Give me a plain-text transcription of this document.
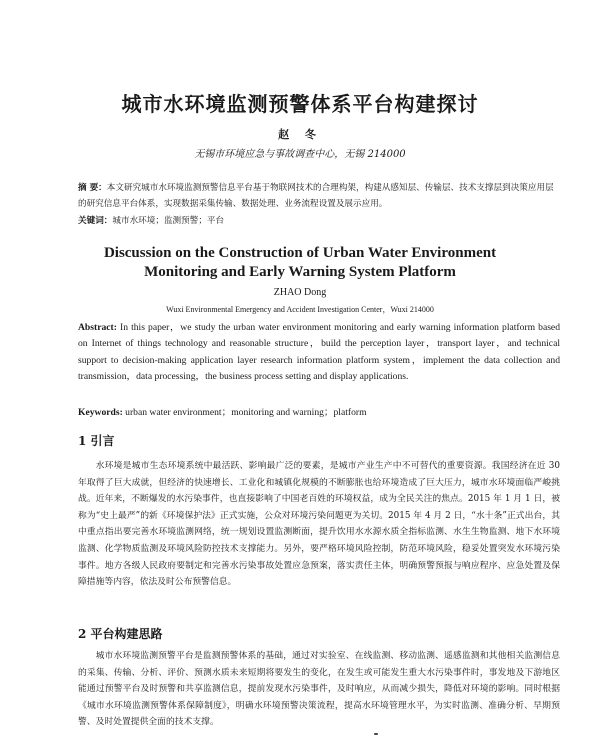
城市水环境监测预警体系平台构建探讨
赵 冬
无锡市环境应急与事故调查中心，无锡 214000
摘 要：本文研究城市水环境监测预警信息平台基于物联网技术的合理构架，构建从感知层、传输层、技术支撑层到决策应用层的研究信息平台体系，实现数据采集传输、数据处理、业务流程设置及展示应用。
关键词：城市水环境；监测预警；平台
Discussion on the Construction of Urban Water Environment
Monitoring and Early Warning System Platform
ZHAO Dong
Wuxi Environmental Emergency and Accident Investigation Center，Wuxi 214000
Abstract: In this paper，we study the urban water environment monitoring and early warning information platform based on Internet of things technology and reasonable structure，build the perception layer，transport layer，and technical support to decision-making application layer research information platform system，implement the data collection and transmission，data processing，the business process setting and display applications.
Keywords: urban water environment；monitoring and warning；platform
1 引言
水环境是城市生态环境系统中最活跃、影响最广泛的要素，是城市产业生产中不可替代的重要资源。我国经济在近 30 年取得了巨大成就，但经济的快速增长、工业化和城镇化规模的不断膨胀也给环境造成了巨大压力，城市水环境面临严峻挑战。近年来，不断爆发的水污染事件，也直接影响了中国老百姓的环境权益，成为全民关注的焦点。2015 年 1 月 1 日，被称为“史上最严”的新《环境保护法》正式实施，公众对环境污染问题更为关切。2015 年 4 月 2 日，“水十条”正式出台，其中重点指出要完善水环境监测网络，统一规划设置监测断面，提升饮用水水源水质全指标监测、水生生物监测、地下水环境监测、化学物质监测及环境风险防控技术支撑能力。另外，要严格环境风险控制，防范环境风险，稳妥处置突发水环境污染事件。地方各级人民政府要制定和完善水污染事故处置应急预案，落实责任主体，明确预警预报与响应程序、应急处置及保障措施等内容，依法及时公布预警信息。
2 平台构建思路
城市水环境监测预警平台是监测预警体系的基础，通过对实验室、在线监测、移动监测、遥感监测和其他相关监测信息的采集、传输、分析、评价、预测水质未来短期将要发生的变化，在发生或可能发生重大水污染事件时，事发地及下游地区能通过预警平台及时预警和共享监测信息，提前发现水污染事件，及时响应，从而减少损失，降低对环境的影响。同时根据《城市水环境监测预警体系保障制度》，明确水环境预警决策流程，提高水环境管理水平，为实时监测、准确分析、早期预警、及时处置提供全面的技术支撑。
